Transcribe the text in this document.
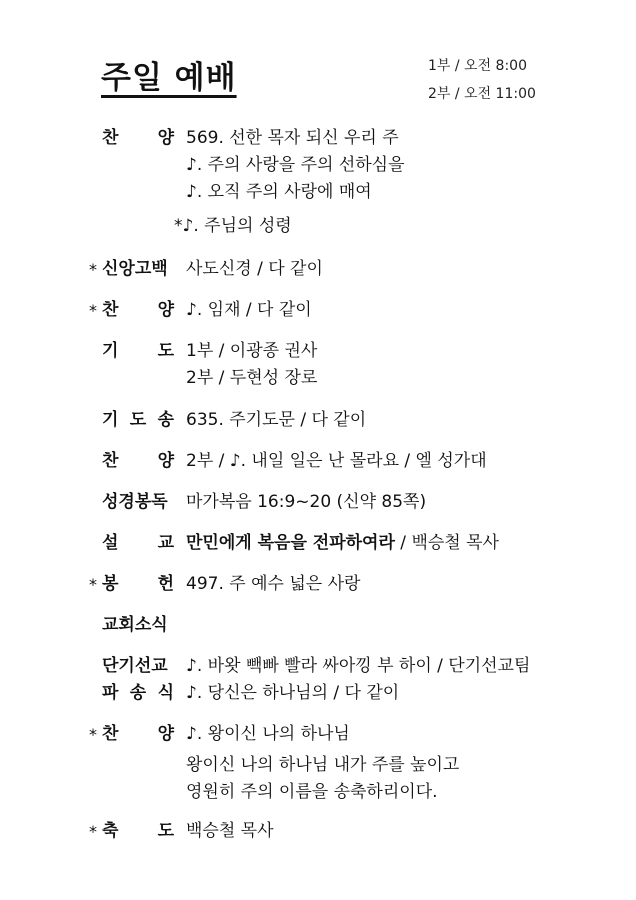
주일 예배	1부 / 오전 8:00
2부 / 오전 11:00
찬 양 569. 선한 목자 되신 우리 주
♪. 주의 사랑을 주의 선하심을
♪. 오직 주의 사랑에 매여
*♪. 주님의 성령
* 신앙고백 사도신경 / 다 같이
* 찬 양 ♪. 임재 / 다 같이
기 도 1부 / 이광종 권사
2부 / 두현성 장로
기 도 송 635. 주기도문 / 다 같이
찬 양 2부 / ♪. 내일 일은 난 몰라요 / 엘 성가대
성경봉독 마가복음 16:9~20 (신약 85쪽)
설 교 만민에게 복음을 전파하여라 / 백승철 목사
* 봉 헌 497. 주 예수 넓은 사랑
교회소식
단기선교 ♪. 바왓 빽빠 빨라 싸아낑 부 하이 / 단기선교팀
파 송 식 ♪. 당신은 하나님의 / 다 같이
* 찬 양 ♪. 왕이신 나의 하나님
왕이신 나의 하나님 내가 주를 높이고
영원히 주의 이름을 송축하리이다.
* 축 도 백승철 목사
